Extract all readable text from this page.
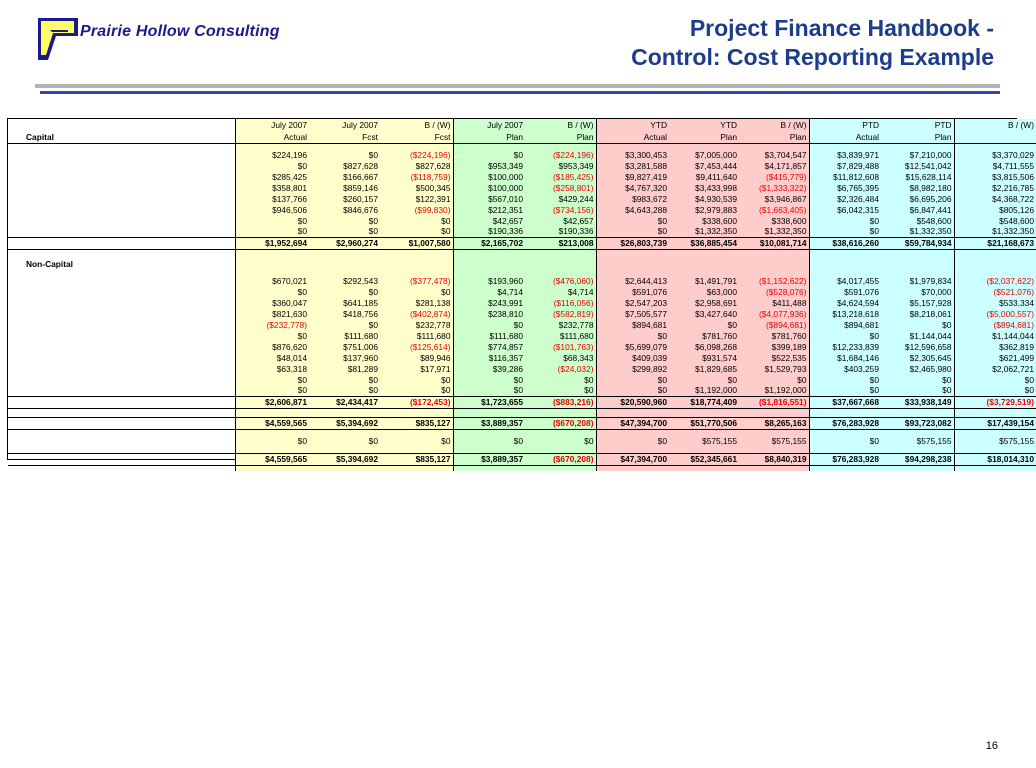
Prairie Hollow Consulting	Project Finance Handbook -
Control: Cost Reporting Example
	July 2007	July 2007	B / (W)	July 2007	B / (W)	YTD	YTD	B / (W)	PTD	PTD	B / (W)
Capital	Actual	Fcst	Fcst	Plan	Plan	Actual	Plan	Plan	Actual	Plan	

	$224,196	$0	($224,196)	$0	($224,196)	$3,300,453	$7,005,000	$3,704,547	$3,839,971	$7,210,000	$3,370,029
	$0	$827,628	$827,628	$953,349	$953,349	$3,281,588	$7,453,444	$4,171,857	$7,829,488	$12,541,042	$4,711,555
	$285,425	$166,667	($118,759)	$100,000	($185,425)	$9,827,419	$9,411,640	($415,779)	$11,812,608	$15,628,114	$3,815,506
	$358,801	$859,146	$500,345	$100,000	($258,801)	$4,767,320	$3,433,998	($1,333,322)	$6,765,395	$8,982,180	$2,216,785
	$137,766	$260,157	$122,391	$567,010	$429,244	$983,672	$4,930,539	$3,946,867	$2,326,484	$6,695,206	$4,368,722
	$946,506	$846,676	($99,830)	$212,351	($734,156)	$4,643,288	$2,979,883	($1,663,405)	$6,042,315	$6,847,441	$805,126
	$0	$0	$0	$42,657	$42,657	$0	$338,600	$338,600	$0	$548,600	$548,600
	$0	$0	$0	$190,336	$190,336	$0	$1,332,350	$1,332,350	$0	$1,332,350	$1,332,350
	$1,952,694	$2,960,274	$1,007,580	$2,165,702	$213,008	$26,803,739	$36,885,454	$10,081,714	$38,616,260	$59,784,934	$21,168,673

Non-Capital											

	$670,021	$292,543	($377,478)	$193,960	($476,060)	$2,644,413	$1,491,791	($1,152,622)	$4,017,455	$1,979,834	($2,037,622)
	$0	$0	$0	$4,714	$4,714	$591,076	$63,000	($528,076)	$591,076	$70,000	($521,076)
	$360,047	$641,185	$281,138	$243,991	($116,056)	$2,547,203	$2,958,691	$411,488	$4,624,594	$5,157,928	$533,334
	$821,630	$418,756	($402,874)	$238,810	($582,819)	$7,505,577	$3,427,640	($4,077,936)	$13,218,618	$8,218,061	($5,000,557)
	($232,778)	$0	$232,778	$0	$232,778	$894,681	$0	($894,681)	$894,681	$0	($894,681)
	$0	$111,680	$111,680	$111,680	$111,680	$0	$781,760	$781,760	$0	$1,144,044	$1,144,044
	$876,620	$751,006	($125,614)	$774,857	($101,763)	$5,699,079	$6,098,268	$399,189	$12,233,839	$12,596,658	$362,819
	$48,014	$137,960	$89,946	$116,357	$68,343	$409,039	$931,574	$522,535	$1,684,146	$2,305,645	$621,499
	$63,318	$81,289	$17,971	$39,286	($24,032)	$299,892	$1,829,685	$1,529,793	$403,259	$2,465,980	$2,062,721
	$0	$0	$0	$0	$0	$0	$0	$0	$0	$0	$0
	$0	$0	$0	$0	$0	$0	$1,192,000	$1,192,000	$0	$0	$0
	$2,606,871	$2,434,417	($172,453)	$1,723,655	($883,216)	$20,590,960	$18,774,409	($1,816,551)	$37,667,668	$33,938,149	($3,729,519)

	$4,559,565	$5,394,692	$835,127	$3,889,357	($670,208)	$47,394,700	$51,770,506	$8,265,163	$76,283,928	$93,723,082	$17,439,154
	$0	$0	$0	$0	$0	$0	$575,155	$575,155	$0	$575,155	$575,155
	$4,559,565	$5,394,692	$835,127	$3,889,357	($670,208)	$47,394,700	$52,345,661	$8,840,319	$76,283,928	$94,298,238	$18,014,310

16
